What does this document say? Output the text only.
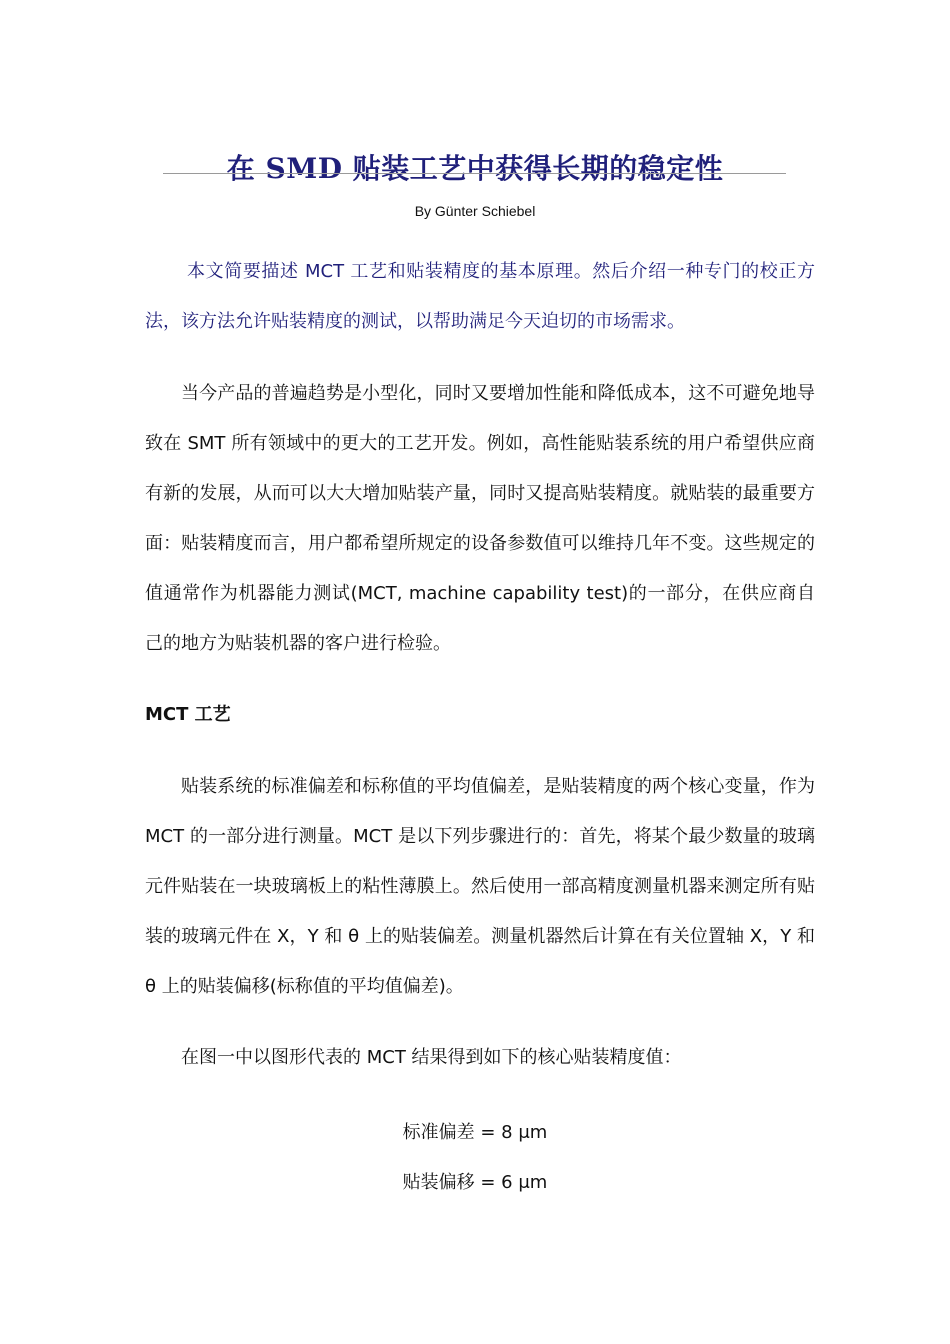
在 SMD 贴装工艺中获得长期的稳定性
By Günter Schiebel

本文简要描述 MCT 工艺和贴装精度的基本原理。然后介绍一种专门的校正方法，该方法允许贴装精度的测试，以帮助满足今天迫切的市场需求。

当今产品的普遍趋势是小型化，同时又要增加性能和降低成本，这不可避免地导致在 SMT 所有领域中的更大的工艺开发。例如，高性能贴装系统的用户希望供应商有新的发展，从而可以大大增加贴装产量，同时又提高贴装精度。就贴装的最重要方面：贴装精度而言，用户都希望所规定的设备参数值可以维持几年不变。这些规定的值通常作为机器能力测试(MCT, machine capability test)的一部分，在供应商自己的地方为贴装机器的客户进行检验。

MCT 工艺

贴装系统的标准偏差和标称值的平均值偏差，是贴装精度的两个核心变量，作为 MCT 的一部分进行测量。MCT 是以下列步骤进行的：首先，将某个最少数量的玻璃元件贴装在一块玻璃板上的粘性薄膜上。然后使用一部高精度测量机器来测定所有贴装的玻璃元件在 X，Y 和 θ 上的贴装偏差。测量机器然后计算在有关位置轴 X，Y 和 θ 上的贴装偏移(标称值的平均值偏差)。

在图一中以图形代表的 MCT 结果得到如下的核心贴装精度值：

标准偏差 = 8 μm

贴装偏移 = 6 μm
